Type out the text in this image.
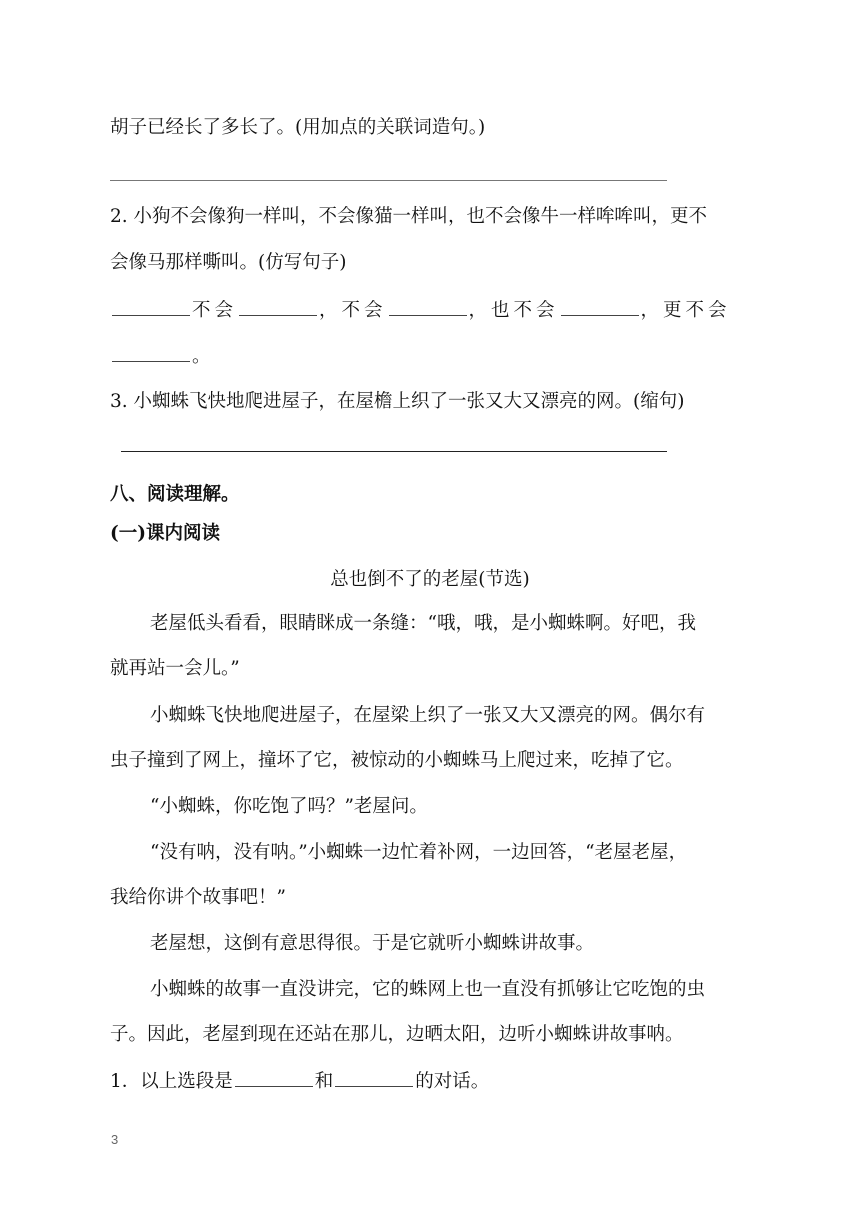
胡子已经长了多长了。(用加点的关联词造句。)
2. 小狗不会像狗一样叫，不会像猫一样叫，也不会像牛一样哞哞叫，更不
会像马那样嘶叫。(仿写句子)
不会	，不会	，也不会	，更不会
。
3. 小蜘蛛飞快地爬进屋子，在屋檐上织了一张又大又漂亮的网。(缩句)
八、阅读理解。
(一)课内阅读
总也倒不了的老屋(节选)
老屋低头看看，眼睛眯成一条缝：“哦，哦，是小蜘蛛啊。好吧，我
就再站一会儿。”
小蜘蛛飞快地爬进屋子，在屋梁上织了一张又大又漂亮的网。偶尔有
虫子撞到了网上，撞坏了它，被惊动的小蜘蛛马上爬过来，吃掉了它。
“小蜘蛛，你吃饱了吗？”老屋问。
“没有呐，没有呐。”小蜘蛛一边忙着补网，一边回答，“老屋老屋，
我给你讲个故事吧！”
老屋想，这倒有意思得很。于是它就听小蜘蛛讲故事。
小蜘蛛的故事一直没讲完，它的蛛网上也一直没有抓够让它吃饱的虫
子。因此，老屋到现在还站在那儿，边晒太阳，边听小蜘蛛讲故事呐。
1．以上选段是	和	的对话。
3
